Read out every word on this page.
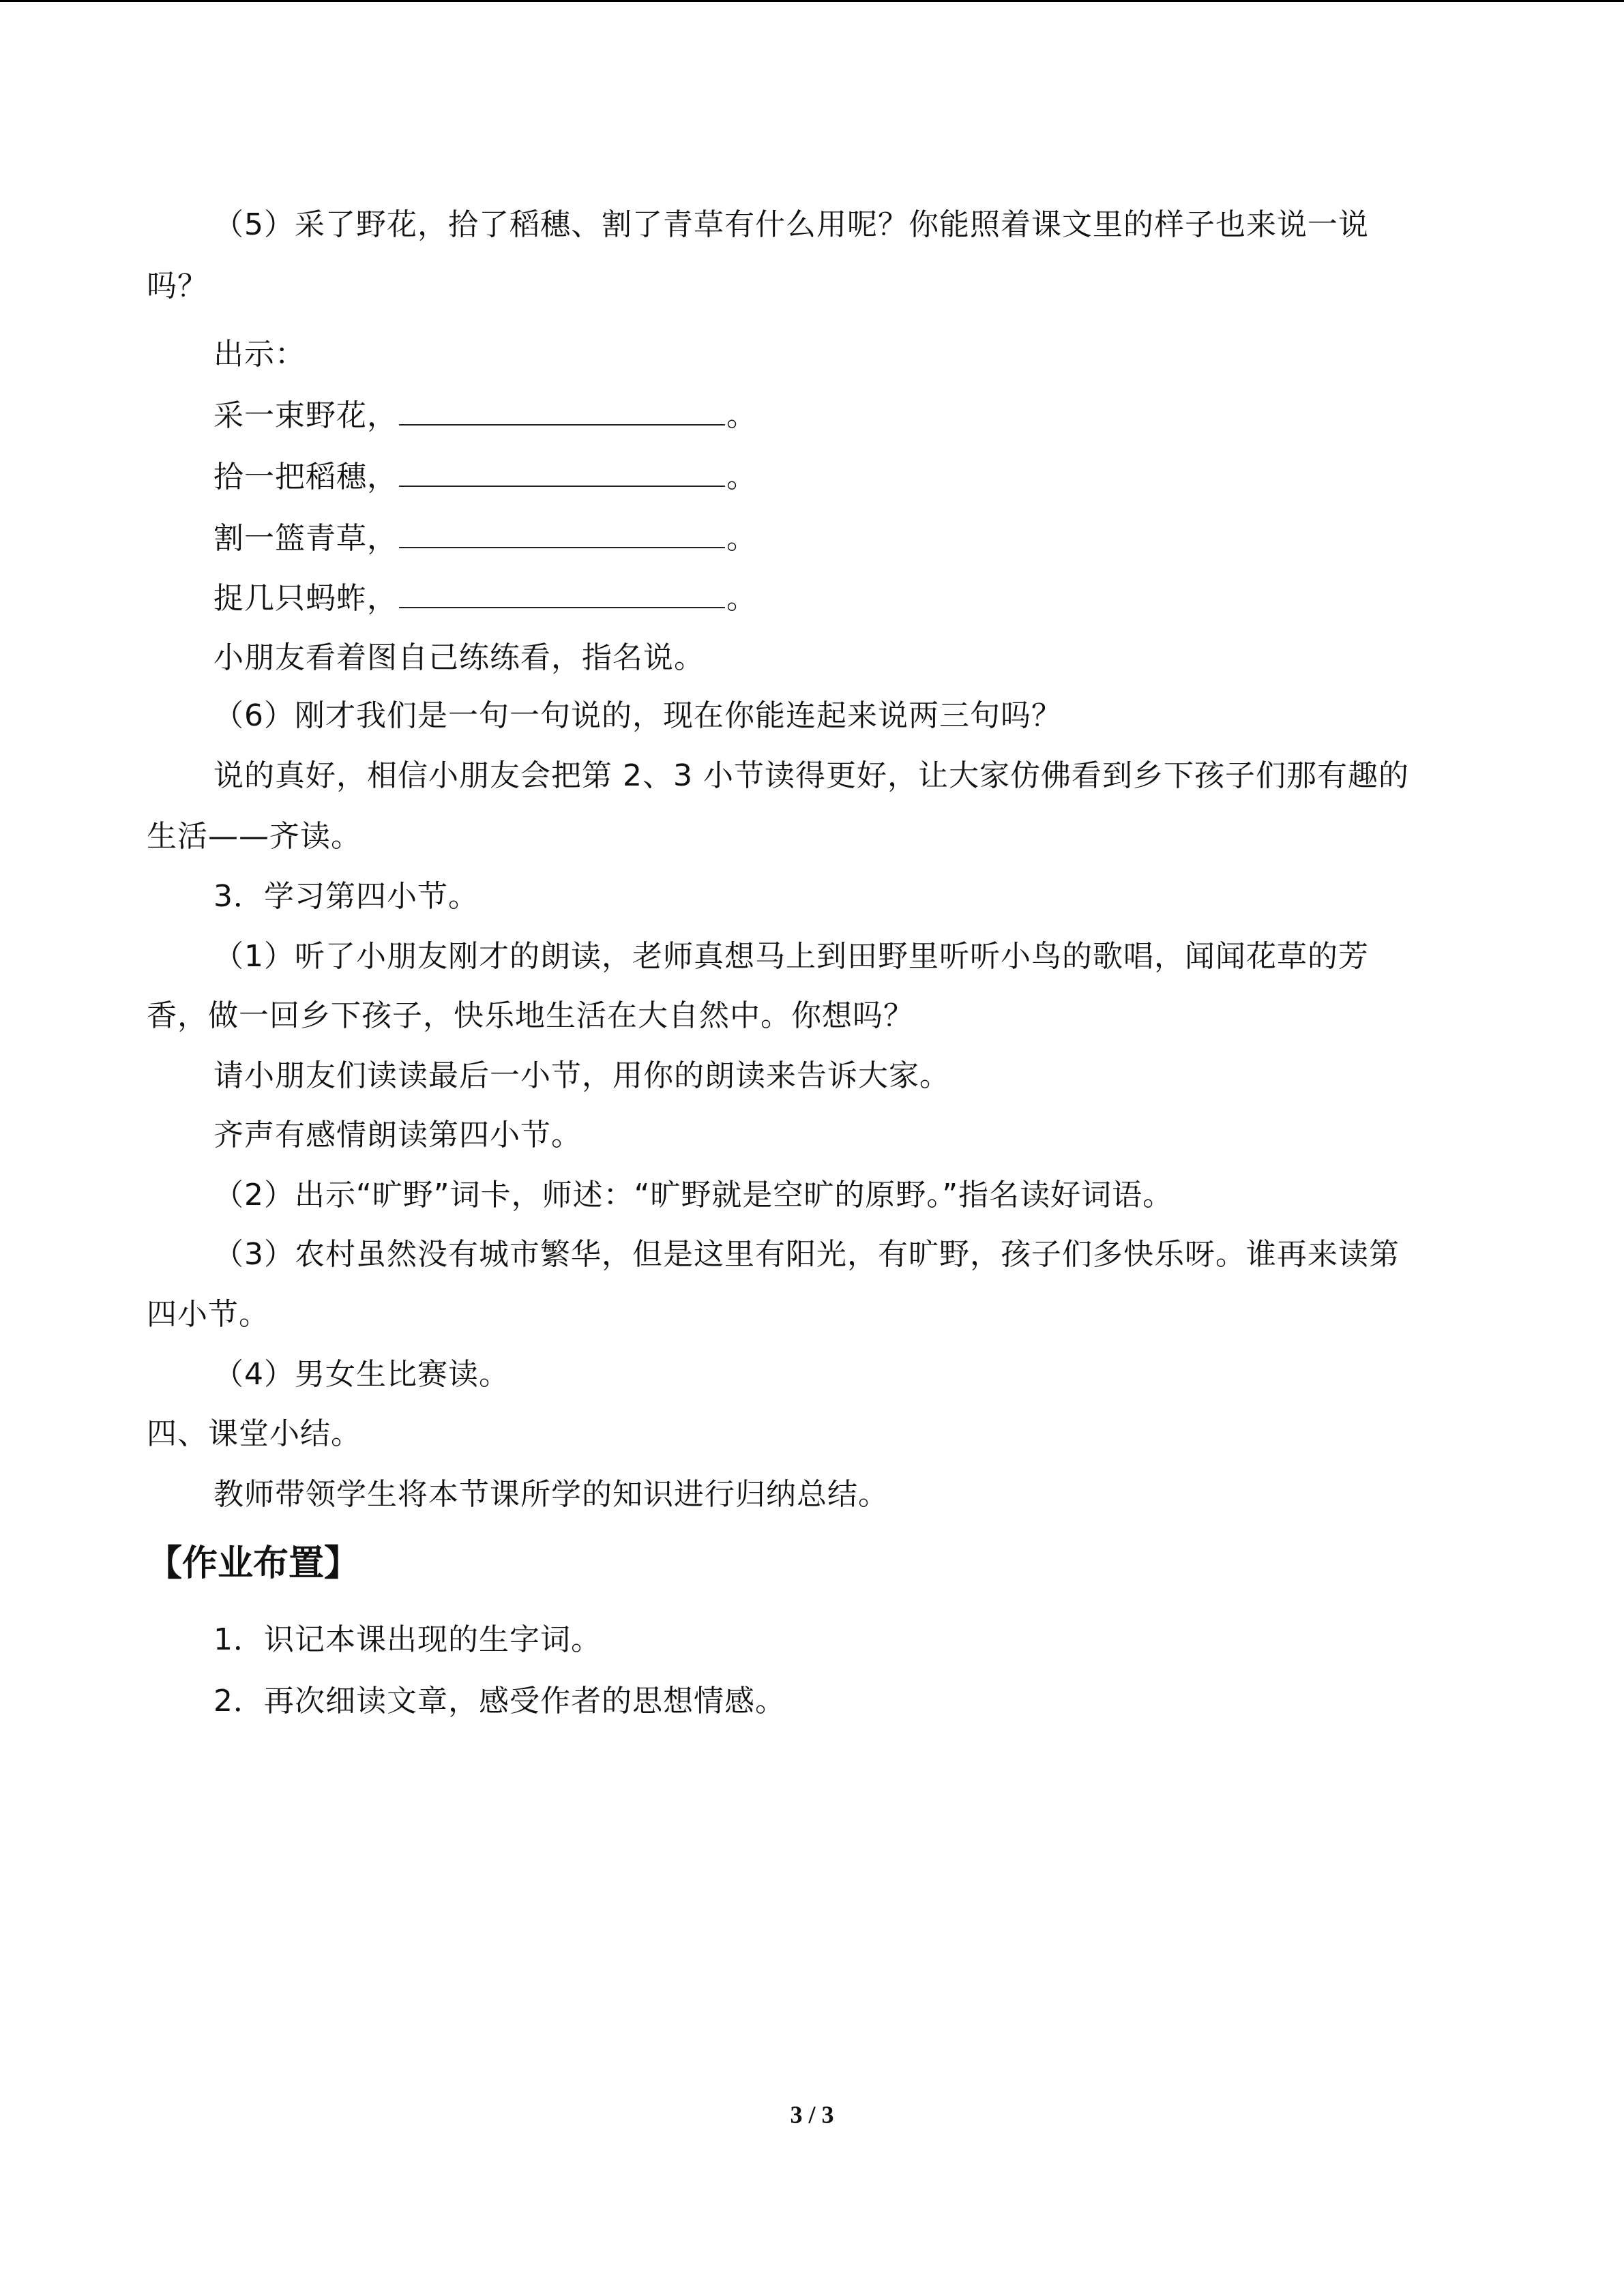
（5）采了野花，拾了稻穗、割了青草有什么用呢？你能照着课文里的样子也来说一说
吗？
出示：
采一束野花，	。
拾一把稻穗，	。
割一篮青草，	。
捉几只蚂蚱，	。
小朋友看着图自己练练看，指名说。
（6）刚才我们是一句一句说的，现在你能连起来说两三句吗？
说的真好，相信小朋友会把第 2、3 小节读得更好，让大家仿佛看到乡下孩子们那有趣的
生活——齐读。
3．学习第四小节。
（1）听了小朋友刚才的朗读，老师真想马上到田野里听听小鸟的歌唱，闻闻花草的芳
香，做一回乡下孩子，快乐地生活在大自然中。你想吗？
请小朋友们读读最后一小节，用你的朗读来告诉大家。
齐声有感情朗读第四小节。
（2）出示“旷野”词卡，师述：“旷野就是空旷的原野。”指名读好词语。
（3）农村虽然没有城市繁华，但是这里有阳光，有旷野，孩子们多快乐呀。谁再来读第
四小节。
（4）男女生比赛读。
四、课堂小结。
教师带领学生将本节课所学的知识进行归纳总结。
【作业布置】
1．识记本课出现的生字词。
2．再次细读文章，感受作者的思想情感。
3 / 3
